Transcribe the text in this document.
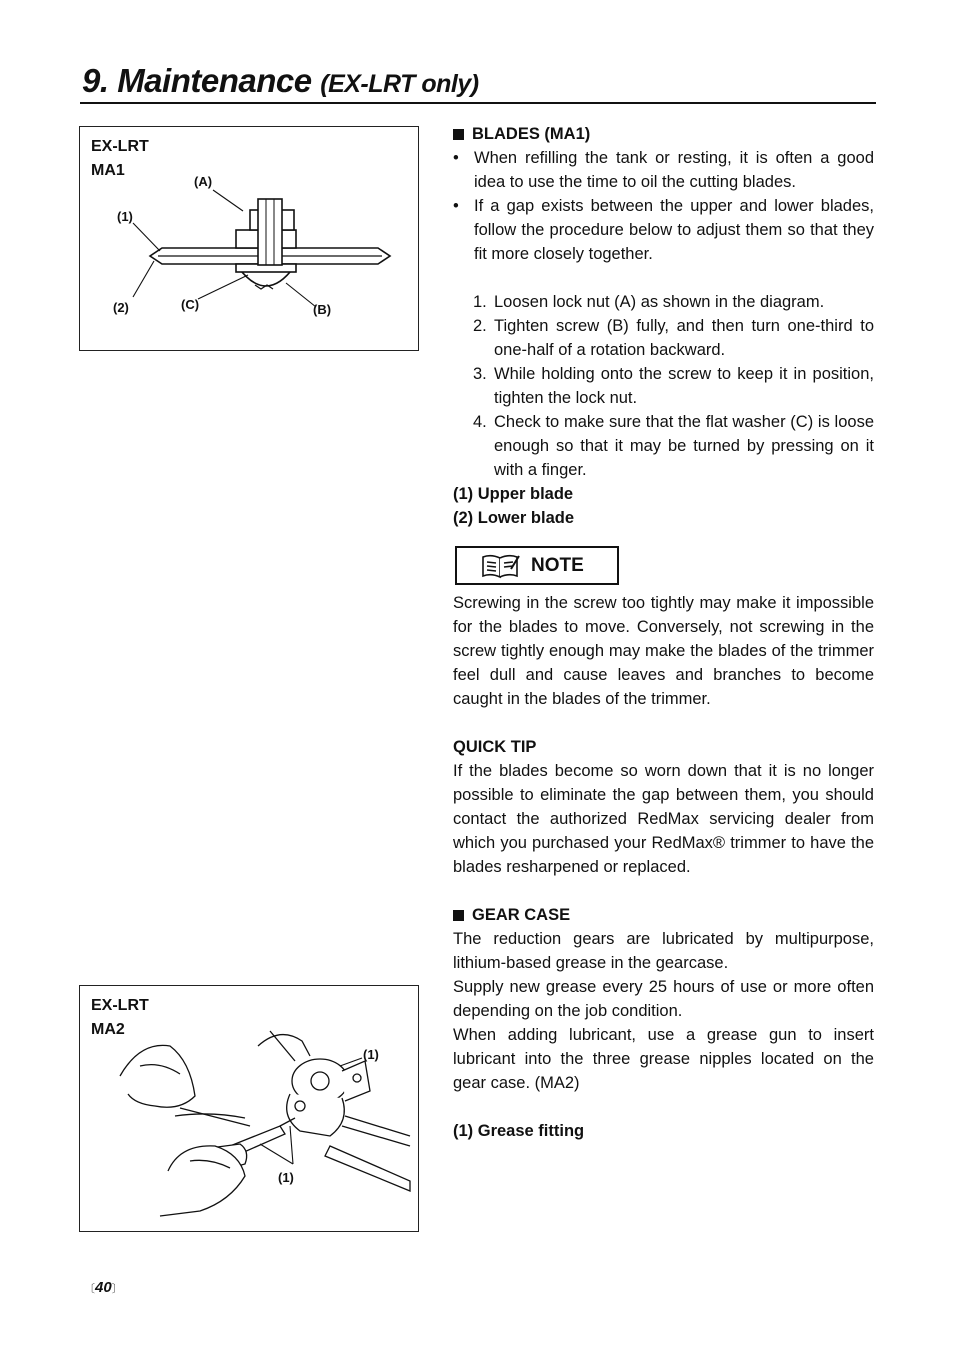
9. Maintenance (EX-LRT only)
EX-LRT
MA1
(A)
(1)
(2)	(C)	(B)
EX-LRT
MA2
(1)
(1)
BLADES (MA1)
• When refilling the tank or resting, it is often a good idea to use the time to oil the cutting blades.
• If a gap exists between the upper and lower blades, follow the procedure below to adjust them so that they fit more closely together.
1. Loosen lock nut (A) as shown in the diagram.
2. Tighten screw (B) fully, and then turn one-third to one-half of a rotation backward.
3. While holding onto the screw to keep it in position, tighten the lock nut.
4. Check to make sure that the flat washer (C) is loose enough so that it may be turned by pressing on it with a finger.
(1) Upper blade
(2) Lower blade
NOTE
Screwing in the screw too tightly may make it impossible for the blades to move. Conversely, not screwing in the screw tightly enough may make the blades of the trimmer feel dull and cause leaves and branches to become caught in the blades of the trimmer.
QUICK TIP
If the blades become so worn down that it is no longer possible to eliminate the gap between them, you should contact the authorized RedMax servicing dealer from which you purchased your RedMax® trimmer to have the blades resharpened or replaced.
GEAR CASE
The reduction gears are lubricated by multipurpose, lithium-based grease in the gearcase.
Supply new grease every 25 hours of use or more often depending on the job condition.
When adding lubricant, use a grease gun to insert lubricant into the three grease nipples located on the gear case. (MA2)
(1) Grease fitting
〔40〕
